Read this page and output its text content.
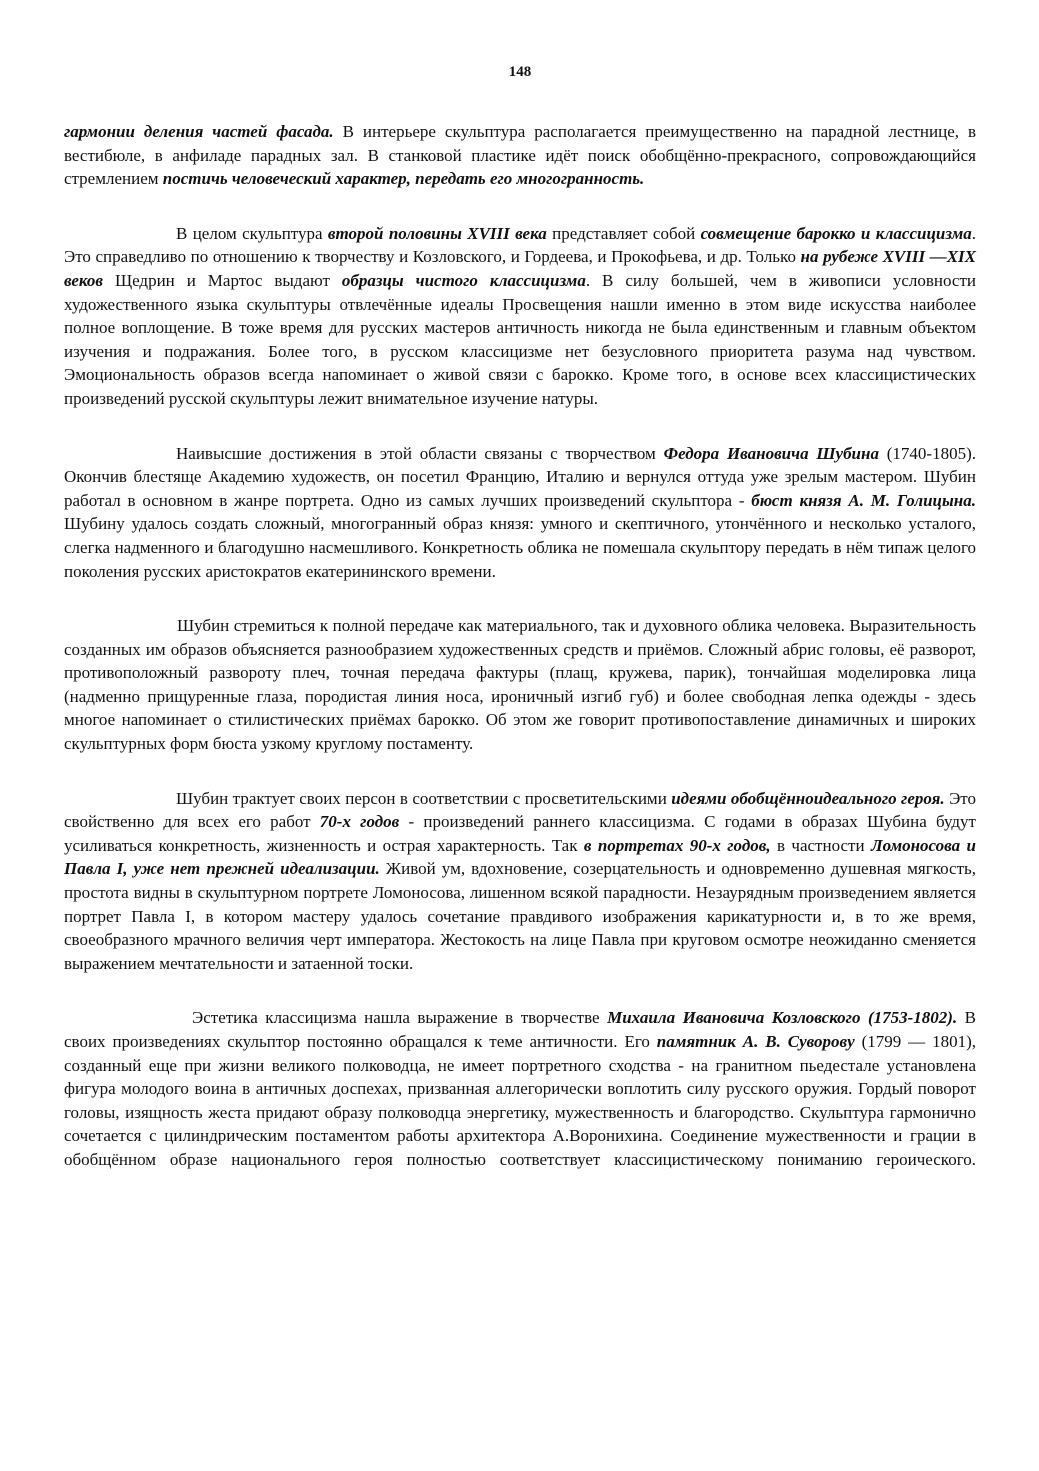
148

гармонии деления частей фасада. В интерьере скульптура располагается преимущественно на парадной лестнице, в вестибюле, в анфиладе парадных зал. В станковой пластике идёт поиск обобщённо-прекрасного, сопровождающийся стремлением постичь человеческий характер, передать его многогранность.

В целом скульптура второй половины XVIII века представляет собой совмещение барокко и классицизма. Это справедливо по отношению к творчеству и Козловского, и Гордеева, и Прокофьева, и др. Только на рубеже XVIII —XIX веков Щедрин и Мартос выдают образцы чистого классицизма. В силу большей, чем в живописи условности художественного языка скульптуры отвлечённые идеалы Просвещения нашли именно в этом виде искусства наиболее полное воплощение. В тоже время для русских мастеров античность никогда не была единственным и главным объектом изучения и подражания. Более того, в русском классицизме нет безусловного приоритета разума над чувством. Эмоциональность образов всегда напоминает о живой связи с барокко. Кроме того, в основе всех классицистических произведений русской скульптуры лежит внимательное изучение натуры.

Наивысшие достижения в этой области связаны с творчеством Федора Ивановича Шубина (1740-1805). Окончив блестяще Академию художеств, он посетил Францию, Италию и вернулся оттуда уже зрелым мастером. Шубин работал в основном в жанре портрета. Одно из самых лучших произведений скульптора - бюст князя А. М. Голицына. Шубину удалось создать сложный, многогранный образ князя: умного и скептичного, утончённого и несколько усталого, слегка надменного и благодушно насмешливого. Конкретность облика не помешала скульптору передать в нём типаж целого поколения русских аристократов екатерининского времени.

Шубин стремиться к полной передаче как материального, так и духовного облика человека. Выразительность созданных им образов объясняется разнообразием художественных средств и приёмов. Сложный абрис головы, её разворот, противоположный развороту плеч, точная передача фактуры (плащ, кружева, парик), тончайшая моделировка лица (надменно прищуренные глаза, породистая линия носа, ироничный изгиб губ) и более свободная лепка одежды - здесь многое напоминает о стилистических приёмах барокко. Об этом же говорит противопоставление динамичных и широких скульптурных форм бюста узкому круглому постаменту.

Шубин трактует своих персон в соответствии с просветительскими идеями обобщённоидеального героя. Это свойственно для всех его работ 70-х годов - произведений раннего классицизма. С годами в образах Шубина будут усиливаться конкретность, жизненность и острая характерность. Так в портретах 90-х годов, в частности Ломоносова и Павла I, уже нет прежней идеализации. Живой ум, вдохновение, созерцательность и одновременно душевная мягкость, простота видны в скульптурном портрете Ломоносова, лишенном всякой парадности. Незаурядным произведением является портрет Павла I, в котором мастеру удалось сочетание правдивого изображения карикатурности и, в то же время, своеобразного мрачного величия черт императора. Жестокость на лице Павла при круговом осмотре неожиданно сменяется выражением мечтательности и затаенной тоски.

Эстетика классицизма нашла выражение в творчестве Михаила Ивановича Козловского (1753-1802). В своих произведениях скульптор постоянно обращался к теме античности. Его памятник А. В. Суворову (1799 — 1801), созданный еще при жизни великого полководца, не имеет портретного сходства - на гранитном пьедестале установлена фигура молодого воина в античных доспехах, призванная аллегорически воплотить силу русского оружия. Гордый поворот головы, изящность жеста придают образу полководца энергетику, мужественность и благородство. Скульптура гармонично сочетается с цилиндрическим постаментом работы архитектора А.Воронихина. Соединение мужественности и грации в обобщённом образе национального героя полностью соответствует классицистическому пониманию героического.
